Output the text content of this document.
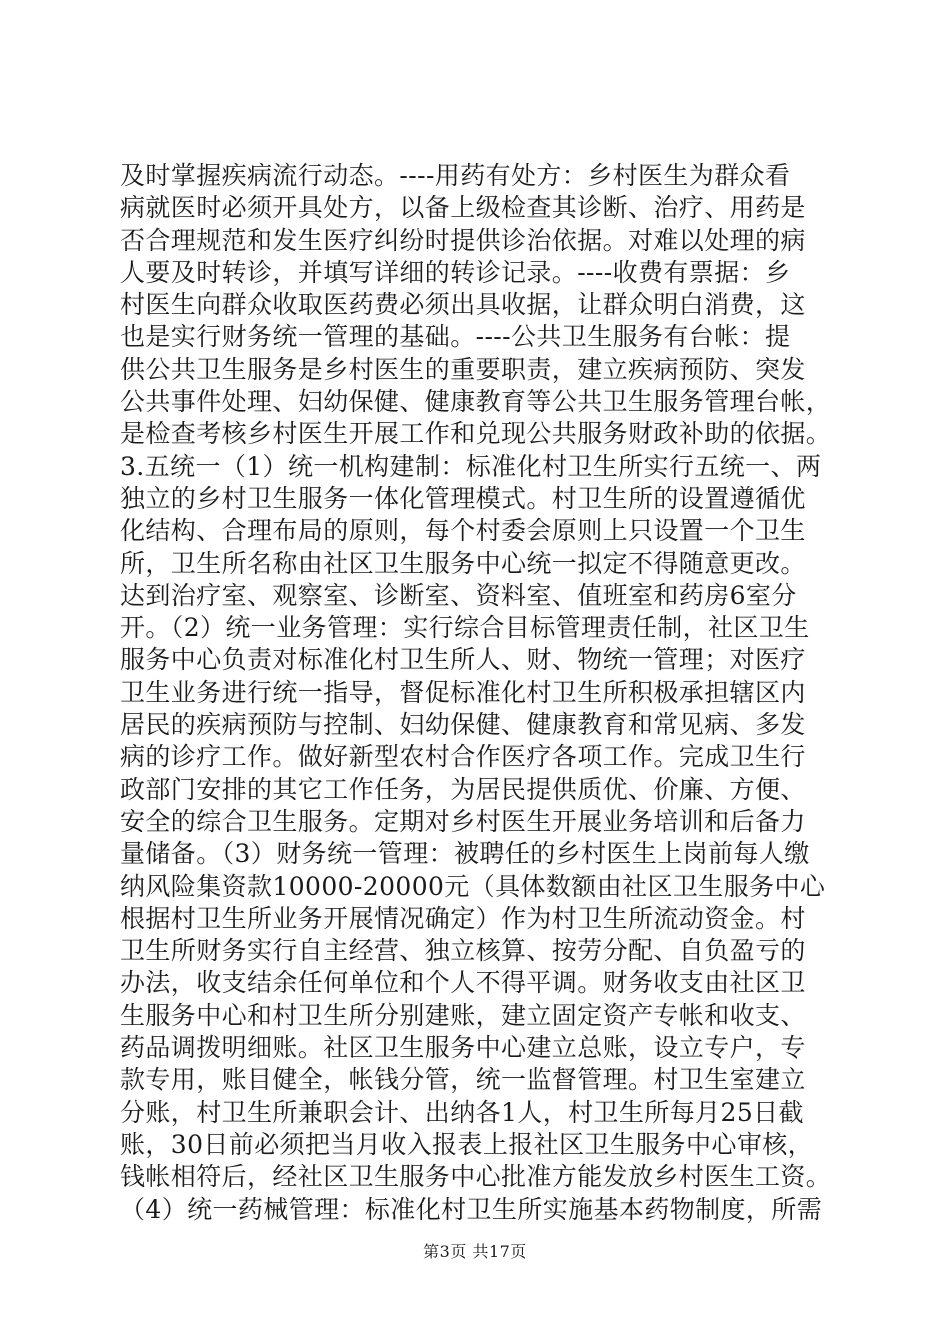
及时掌握疾病流行动态。----用药有处方：乡村医生为群众看
病就医时必须开具处方，以备上级检查其诊断、治疗、用药是
否合理规范和发生医疗纠纷时提供诊治依据。对难以处理的病
人要及时转诊，并填写详细的转诊记录。----收费有票据：乡
村医生向群众收取医药费必须出具收据，让群众明白消费，这
也是实行财务统一管理的基础。----公共卫生服务有台帐：提
供公共卫生服务是乡村医生的重要职责，建立疾病预防、突发
公共事件处理、妇幼保健、健康教育等公共卫生服务管理台帐，
是检查考核乡村医生开展工作和兑现公共服务财政补助的依据。
3.五统一（1）统一机构建制：标准化村卫生所实行五统一、两
独立的乡村卫生服务一体化管理模式。村卫生所的设置遵循优
化结构、合理布局的原则，每个村委会原则上只设置一个卫生
所，卫生所名称由社区卫生服务中心统一拟定不得随意更改。
达到治疗室、观察室、诊断室、资料室、值班室和药房6室分
开。（2）统一业务管理：实行综合目标管理责任制，社区卫生
服务中心负责对标准化村卫生所人、财、物统一管理；对医疗
卫生业务进行统一指导，督促标准化村卫生所积极承担辖区内
居民的疾病预防与控制、妇幼保健、健康教育和常见病、多发
病的诊疗工作。做好新型农村合作医疗各项工作。完成卫生行
政部门安排的其它工作任务，为居民提供质优、价廉、方便、
安全的综合卫生服务。定期对乡村医生开展业务培训和后备力
量储备。（3）财务统一管理：被聘任的乡村医生上岗前每人缴
纳风险集资款10000-20000元（具体数额由社区卫生服务中心
根据村卫生所业务开展情况确定）作为村卫生所流动资金。村
卫生所财务实行自主经营、独立核算、按劳分配、自负盈亏的
办法，收支结余任何单位和个人不得平调。财务收支由社区卫
生服务中心和村卫生所分别建账，建立固定资产专帐和收支、
药品调拨明细账。社区卫生服务中心建立总账，设立专户，专
款专用，账目健全，帐钱分管，统一监督管理。村卫生室建立
分账，村卫生所兼职会计、出纳各1人，村卫生所每月25日截
账，30日前必须把当月收入报表上报社区卫生服务中心审核，
钱帐相符后，经社区卫生服务中心批准方能发放乡村医生工资。
（4）统一药械管理：标准化村卫生所实施基本药物制度，所需
第3页 共17页
